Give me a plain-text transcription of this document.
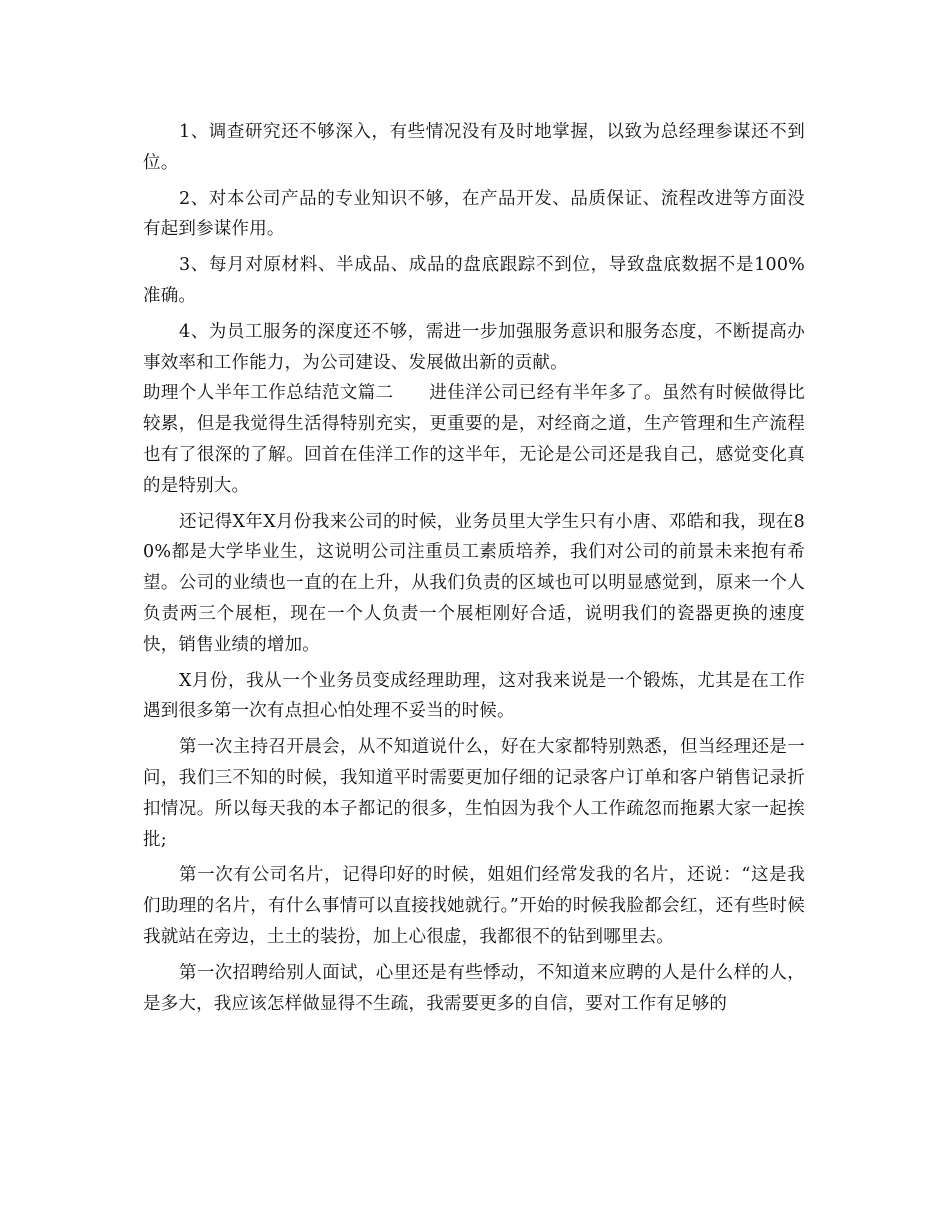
1、调查研究还不够深入，有些情况没有及时地掌握，以致为总经理参谋还不到位。

2、对本公司产品的专业知识不够，在产品开发、品质保证、流程改进等方面没有起到参谋作用。

3、每月对原材料、半成品、成品的盘底跟踪不到位，导致盘底数据不是100%准确。

4、为员工服务的深度还不够，需进一步加强服务意识和服务态度，不断提高办事效率和工作能力，为公司建设、发展做出新的贡献。

助理个人半年工作总结范文篇二　　进佳洋公司已经有半年多了。虽然有时候做得比较累，但是我觉得生活得特别充实，更重要的是，对经商之道，生产管理和生产流程也有了很深的了解。回首在佳洋工作的这半年，无论是公司还是我自己，感觉变化真的是特别大。

还记得X年X月份我来公司的时候，业务员里大学生只有小唐、邓皓和我，现在80%都是大学毕业生，这说明公司注重员工素质培养，我们对公司的前景未来抱有希望。公司的业绩也一直的在上升，从我们负责的区域也可以明显感觉到，原来一个人负责两三个展柜，现在一个人负责一个展柜刚好合适，说明我们的瓷器更换的速度快，销售业绩的增加。

X月份，我从一个业务员变成经理助理，这对我来说是一个锻炼，尤其是在工作遇到很多第一次有点担心怕处理不妥当的时候。

第一次主持召开晨会，从不知道说什么，好在大家都特别熟悉，但当经理还是一问，我们三不知的时候，我知道平时需要更加仔细的记录客户订单和客户销售记录折扣情况。所以每天我的本子都记的很多，生怕因为我个人工作疏忽而拖累大家一起挨批;

第一次有公司名片，记得印好的时候，姐姐们经常发我的名片，还说：“这是我们助理的名片，有什么事情可以直接找她就行。”开始的时候我脸都会红，还有些时候我就站在旁边，土土的装扮，加上心很虚，我都很不的钻到哪里去。

第一次招聘给别人面试，心里还是有些悸动，不知道来应聘的人是什么样的人，是多大，我应该怎样做显得不生疏，我需要更多的自信，要对工作有足够的
